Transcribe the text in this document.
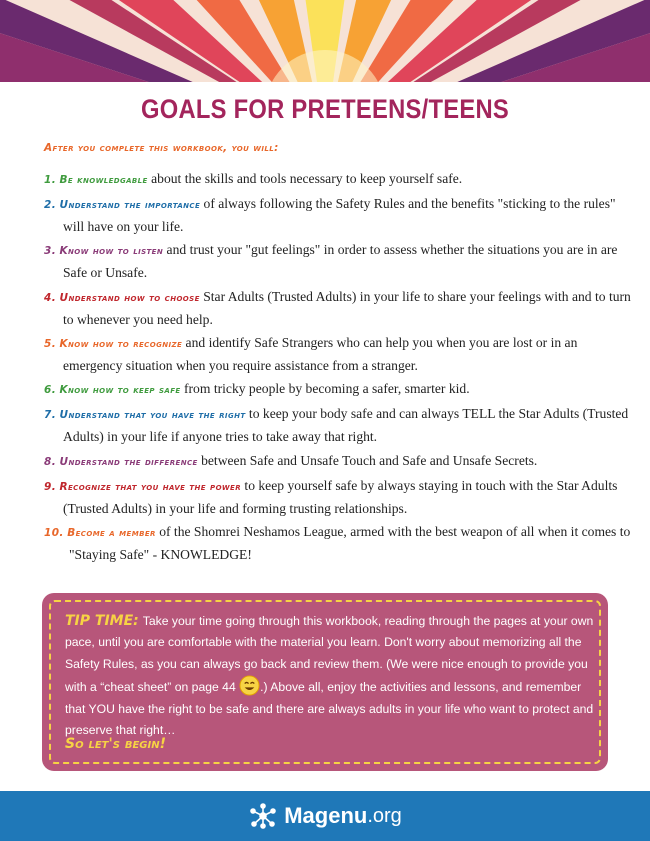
GOALS FOR PRETEENS/TEENS
After you complete this workbook, you will:
1. Be knowledgable about the skills and tools necessary to keep yourself safe.
2. Understand the importance of always following the Safety Rules and the benefits "sticking to the rules" will have on your life.
3. Know how to listen and trust your "gut feelings" in order to assess whether the situations you are in are Safe or Unsafe.
4. Understand how to choose Star Adults (Trusted Adults) in your life to share your feelings with and to turn to whenever you need help.
5. Know how to recognize and identify Safe Strangers who can help you when you are lost or in an emergency situation when you require assistance from a stranger.
6. Know how to keep safe from tricky people by becoming a safer, smarter kid.
7. Understand that you have the right to keep your body safe and can always TELL the Star Adults (Trusted Adults) in your life if anyone tries to take away that right.
8. Understand the difference between Safe and Unsafe Touch and Safe and Unsafe Secrets.
9. Recognize that you have the power to keep yourself safe by always staying in touch with the Star Adults (Trusted Adults) in your life and forming trusting relationships.
10. Become a member of the Shomrei Neshamos League, armed with the best weapon of all when it comes to "Staying Safe" - KNOWLEDGE!
TIP TIME: Take your time going through this workbook, reading through the pages at your own pace, until you are comfortable with the material you learn. Don't worry about memorizing all the Safety Rules, as you can always go back and review them. (We were nice enough to provide you with a “cheat sheet” on page 44 .) Above all, enjoy the activities and lessons, and remember that YOU have the right to be safe and there are always adults in your life who want to protect and preserve that right…
So let's begin!
Magenu .org
